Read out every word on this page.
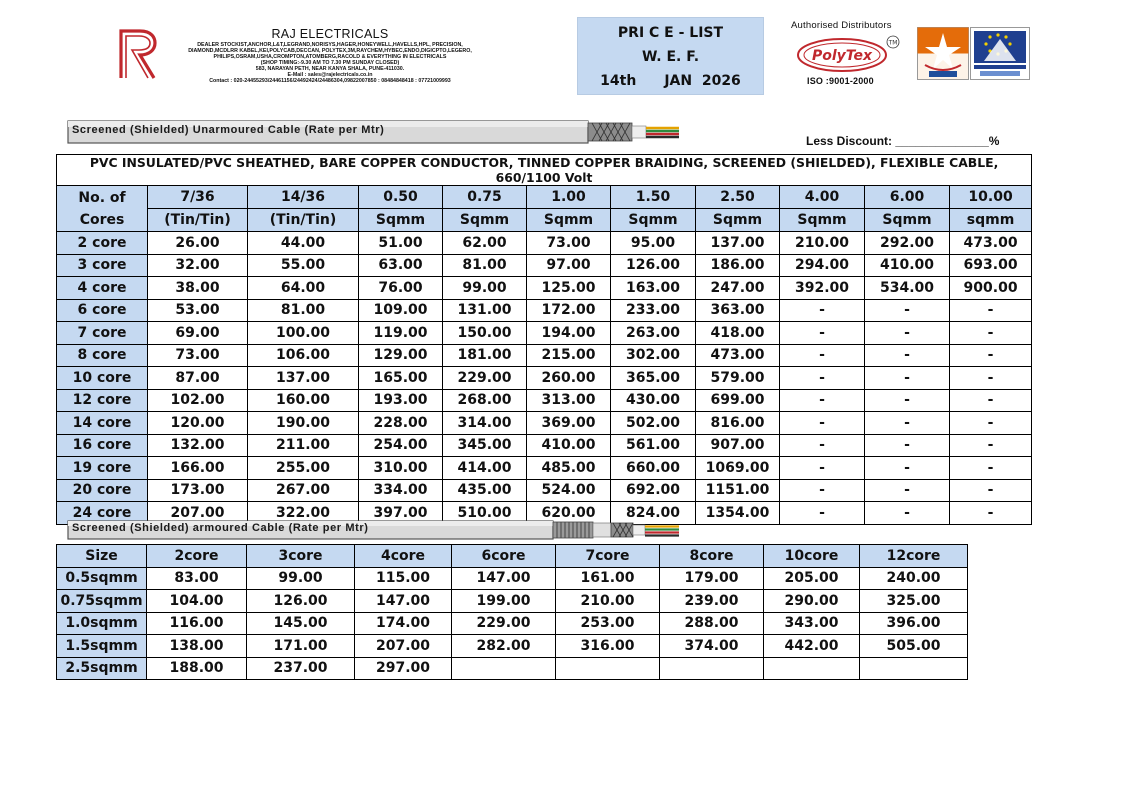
RAJ ELECTRICALS
DEALER STOCKIST,ANCHOR,L&T,LEGRAND,NORISYS,HAGER,HONEYWELL,HAVELLS,HPL, PRECISION,
DIAMOND,MCDLRR KABEL,KEI,POLYCAB,DECCAN, POLYTEX,3M,RAYCHEM,HYBEC,ENDO,DIGICPTO,LEGERO,
PHILIPS,OSRAM,USHA,CROMPTON,ATOMBERG,RACOLD & EVERYTHING IN ELECTRICALS
(SHOP TIMING:-9.30 AM TO 7.30 PM SUNDAY CLOSED)
583, NARAYAN PETH, NEAR KANYA SHALA, PUNE-411030.
E-Mail : sales@rajelectricals.co.in
Contact : 020-24455293/24461156/24492424/24486304,09822007850 : 08484848418 : 07721009993
PRI C E - LIST
W. E. F.
14th JAN  2026
Authorised Distributors
PolyTex
TM
ISO :9001-2000
Screened (Shielded) Unarmoured Cable (Rate per Mtr)
Less Discount: ______________%
PVC INSULATED/PVC SHEATHED, BARE COPPER CONDUCTOR, TINNED COPPER BRAIDING, SCREENED (SHIELDED), FLEXIBLE CABLE, 660/1100 Volt										
No. of Cores	7/36	14/36	0.50	0.75	1.00	1.50	2.50	4.00	6.00	10.00
	(Tin/Tin)	(Tin/Tin)	Sqmm	Sqmm	Sqmm	Sqmm	Sqmm	Sqmm	Sqmm	sqmm
2 core	26.00	44.00	51.00	62.00	73.00	95.00	137.00	210.00	292.00	473.00
3 core	32.00	55.00	63.00	81.00	97.00	126.00	186.00	294.00	410.00	693.00
4 core	38.00	64.00	76.00	99.00	125.00	163.00	247.00	392.00	534.00	900.00
6 core	53.00	81.00	109.00	131.00	172.00	233.00	363.00	-	-	-
7 core	69.00	100.00	119.00	150.00	194.00	263.00	418.00	-	-	-
8 core	73.00	106.00	129.00	181.00	215.00	302.00	473.00	-	-	-
10 core	87.00	137.00	165.00	229.00	260.00	365.00	579.00	-	-	-
12 core	102.00	160.00	193.00	268.00	313.00	430.00	699.00	-	-	-
14 core	120.00	190.00	228.00	314.00	369.00	502.00	816.00	-	-	-
16 core	132.00	211.00	254.00	345.00	410.00	561.00	907.00	-	-	-
19 core	166.00	255.00	310.00	414.00	485.00	660.00	1069.00	-	-	-
20 core	173.00	267.00	334.00	435.00	524.00	692.00	1151.00	-	-	-
24 core	207.00	322.00	397.00	510.00	620.00	824.00	1354.00	-	-	-
Screened (Shielded) armoured Cable (Rate per Mtr)
Size	2core	3core	4core	6core	7core	8core	10core	12core
0.5sqmm	83.00	99.00	115.00	147.00	161.00	179.00	205.00	240.00
0.75sqmm	104.00	126.00	147.00	199.00	210.00	239.00	290.00	325.00
1.0sqmm	116.00	145.00	174.00	229.00	253.00	288.00	343.00	396.00
1.5sqmm	138.00	171.00	207.00	282.00	316.00	374.00	442.00	505.00
2.5sqmm	188.00	237.00	297.00					
